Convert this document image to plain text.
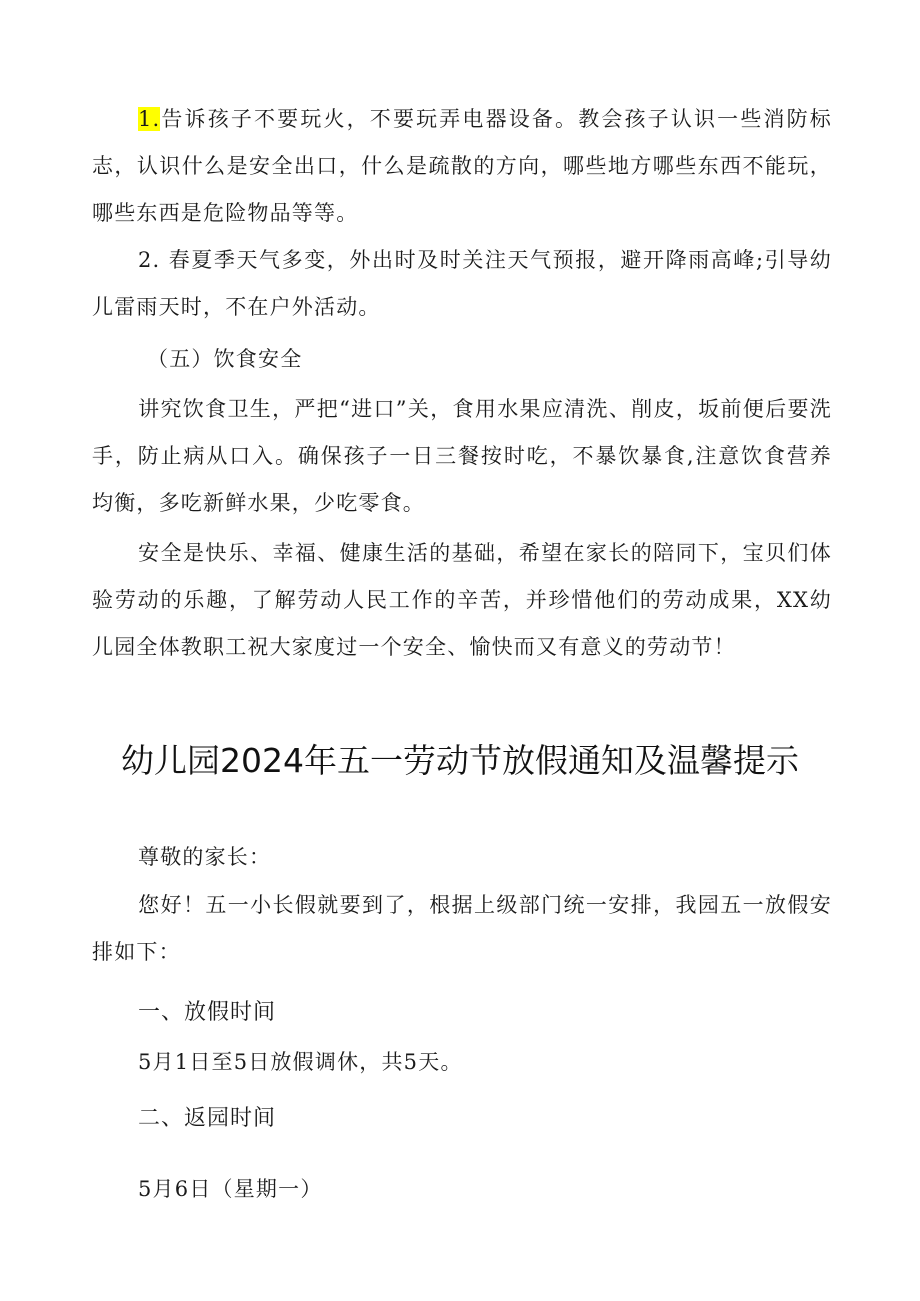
1.告诉孩子不要玩火，不要玩弄电器设备。教会孩子认识一些消防标志，认识什么是安全出口，什么是疏散的方向，哪些地方哪些东西不能玩，哪些东西是危险物品等等。

2. 春夏季天气多变，外出时及时关注天气预报，避开降雨高峰;引导幼儿雷雨天时，不在户外活动。

（五）饮食安全

讲究饮食卫生，严把“进口”关，食用水果应清洗、削皮，坂前便后要洗手，防止病从口入。确保孩子一日三餐按时吃，不暴饮暴食,注意饮食营养均衡，多吃新鲜水果，少吃零食。

安全是快乐、幸福、健康生活的基础，希望在家长的陪同下，宝贝们体验劳动的乐趣，了解劳动人民工作的辛苦，并珍惜他们的劳动成果，XX幼儿园全体教职工祝大家度过一个安全、愉快而又有意义的劳动节！

幼儿园2024年五一劳动节放假通知及温馨提示

尊敬的家长：

您好！五一小长假就要到了，根据上级部门统一安排，我园五一放假安排如下：

一、放假时间

5月1日至5日放假调休，共5天。

二、返园时间

5月6日（星期一）
